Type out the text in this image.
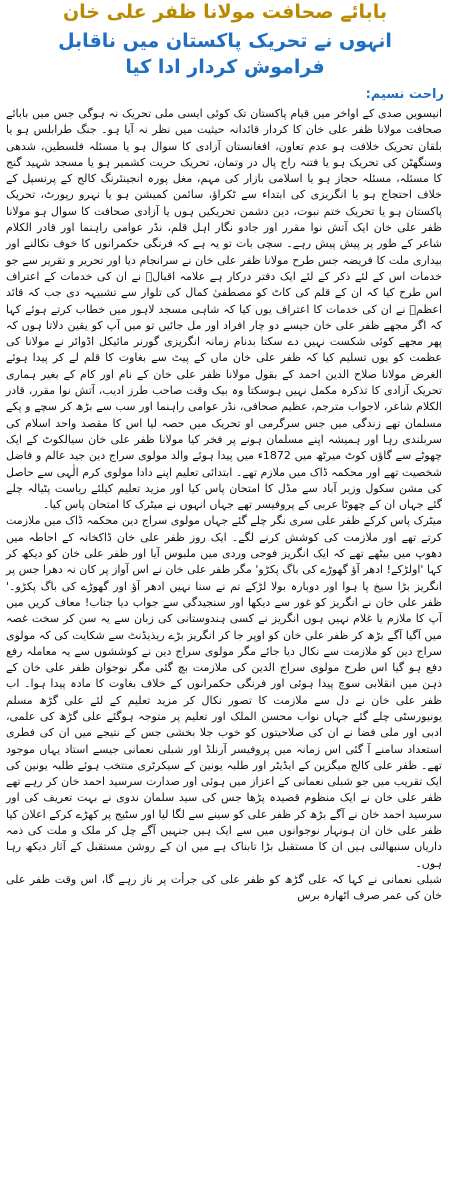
بابائے صحافت مولانا ظفر علی خان
انہوں نے تحریک پاکستان میں ناقابل
فراموش کردار ادا کیا
راحت نسیم:

انیسویں صدی کے اواخر میں قیام پاکستان تک کوئی ایسی ملی تحریک نہ ہوگی جس میں بابائے صحافت مولانا ظفر علی خان کا کردار قائدانہ حیثیت میں نظر نہ آیا ہو۔ جنگ طرابلس ہو یا بلقان تحریک خلافت ہو عدم تعاون، افغانستان آزادی کا سوال ہو یا مسئلہ فلسطین، شدھی وسنگھٹن کی تحریک ہو یا فتنہ راج پال در وتمان، تحریک حریت کشمیر ہو یا مسجد شہید گنج کا مسئلہ، مسئلہ حجاز ہو یا اسلامی بازار کی مہم، مغل پورہ انجینئرنگ کالج کے پرنسپل کے خلاف احتجاج ہو یا انگریزی کی ابتداء سے ٹکراؤ، سائمن کمیشن ہو یا نہرو رپورٹ، تحریک پاکستان ہو یا تحریک ختم نبوت، دین دشمن تحریکیں ہوں یا آزادی صحافت کا سوال ہو مولانا ظفر علی خان ایک آتش نوا مقرر اور جادو نگار اہل قلم، نڈر عوامی راہنما اور قادر الکلام شاعر کے طور پر پیش پیش رہے۔ سچی بات تو یہ ہے کہ فرنگی حکمرانوں کا خوف نکالنے اور بیداری ملت کا فریضہ جس طرح مولانا ظفر علی خان نے سرانجام دیا اور تحریر و تقریر سے جو خدمات اس کے لئے ذکر کے لئے ایک دفتر درکار ہے علامہ اقبالؒ نے ان کی خدمات کے اعتراف اس طرح کیا کہ ان کے قلم کی کاٹ کو مصطفیٰ کمال کی تلوار سے تشبیہہ دی جب کہ قائد اعظمؒ نے ان کی خدمات کا اعتراف یوں کیا کہ شاہی مسجد لاہور میں خطاب کرتے ہوئے کہا کہ اگر مجھے ظفر علی خان جیسے دو چار افراد اور مل جائیں تو میں آپ کو یقین دلاتا ہوں کہ پھر مجھے کوئی شکست نہیں دے سکتا بدنام زمانہ انگریزی گورنر مائیکل اڈوائر نے مولانا کی عظمت کو یوں تسلیم کیا کہ ظفر علی خان ماں کے پیٹ سے بغاوت کا قلم لے کر پیدا ہوئے الغرض مولانا صلاح الدین احمد کے بقول مولانا ظفر علی خان کے نام اور کام کے بغیر ہماری تحریک آزادی کا تذکرہ مکمل نہیں ہوسکتا وہ بیک وقت صاحب طرز ادیب، آتش نوا مقرر، قادر الکلام شاعر، لاجواب مترجم، عظیم صحافی، نڈر عوامی راہنما اور سب سے بڑھ کر سچے و پکے مسلمان تھے زندگی میں جس سرگرمی او تحریک میں حصہ لیا اس کا مقصد واحد اسلام کی سربلندی رہا اور ہمیشہ اپنے مسلمان ہونے پر فخر کیا مولانا ظفر علی خان سیالکوٹ کے ایک چھوٹے سے گاؤں کوٹ میرٹھ میں 1872ء میں پیدا ہوئے والد مولوی سراج دین جید عالم و فاضل شخصیت تھے اور محکمہ ڈاک میں ملازم تھے۔ ابتدائی تعلیم اپنے دادا مولوی کرم الٰہی سے حاصل کی مشن سکول وزیر آباد سے مڈل کا امتحان پاس کیا اور مزید تعلیم کیلئے ریاست پٹیالہ چلے گئے جہاں ان کے چھوٹا عربی کے پروفیسر تھے جہاں انہوں نے میٹرک کا امتحان پاس کیا۔

میٹرک پاس کرکے ظفر علی سری نگر چلے گئے جہاں مولوی سراج دین محکمہ ڈاک میں ملازمت کرتے تھے اور ملازمت کی کوشش کرنے لگے۔ ایک روز ظفر علی خان ڈاکخانہ کے احاطہ میں دھوپ میں بیٹھے تھے کہ ایک انگریز فوجی وردی میں ملبوس آیا اور ظفر علی خان کو دیکھ کر کہا 'اولڑکے! ادھر آؤ گھوڑے کی باگ پکڑو' مگر ظفر علی خان نے اس آواز پر کان نہ دھرا جس پر انگریز بڑا سیخ پا ہوا اور دوبارہ بولا لڑکے تم نے سنا نہیں ادھر آؤ اور گھوڑے کی باگ پکڑو۔' ظفر علی خان نے انگریز کو غور سے دیکھا اور سنجیدگی سے جواب دیا جناب! معاف کریں میں آپ کا ملازم یا غلام نہیں ہوں انگریز نے کسی ہندوستانی کی زبان سے یہ سن کر سخت غصہ میں آگیا آگے بڑھ کر ظفر علی خان کو اوپر جا کر انگریز بڑے ریذیڈنٹ سے شکایت کی کہ مولوی سراج دین کو ملازمت سے نکال دیا جائے مگر مولوی سراج دین نے کوششوں سے یہ معاملہ رفع دفع ہو گیا اس طرح مولوی سراج الدین کی ملازمت بچ گئی مگر نوجوان ظفر علی خان کے ذہن میں انقلابی سوچ پیدا ہوئی اور فرنگی حکمرانوں کے خلاف بغاوت کا مادہ پیدا ہوا۔ اب ظفر علی خان نے دل سے ملازمت کا تصور نکال کر مزید تعلیم کے لئے علی گڑھ مسلم یونیورسٹی چلے گئے جہاں نواب محسن الملک اور تعلیم پر متوجہ ہوگئے علی گڑھ کی علمی، ادبی اور ملی فضا نے ان کی صلاحیتوں کو خوب جلا بخشی جس کے نتیجے میں ان کی فطری استعداد سامنے آ گئی اس زمانہ میں پروفیسر آرنلڈ اور شبلی نعمانی جیسے استاد یہاں موجود تھے۔ ظفر علی کالج میگزین کے ایڈیٹر اور طلبہ یونین کے سیکرٹری منتخب ہوئے طلبہ یونین کی ایک تقریب میں جو شبلی نعمانی کے اعزاز میں ہوئی اور صدارت سرسید احمد خان کر رہے تھے ظفر علی خان نے ایک منظوم قصیدہ پڑھا جس کی سید سلمان ندوی نے بہت تعریف کی اور سرسید احمد خان نے آگے بڑھ کر ظفر علی کو سینے سے لگا لیا اور سٹیج پر کھڑے کرکے اعلان کیا ظفر علی خان ان ہونہار نوجوانوں میں سے ایک ہیں جنہیں آگے چل کر ملک و ملت کی ذمہ داریاں سنبھالنی ہیں ان کا مستقبل بڑا تابناک ہے میں ان کے روشن مستقبل کے آثار دیکھ رہا ہوں۔

شبلی نعمانی نے کہا کہ علی گڑھ کو ظفر علی کی جرأت پر ناز رہے گا، اس وقت ظفر علی خان کی عمر صرف اٹھارہ برس
